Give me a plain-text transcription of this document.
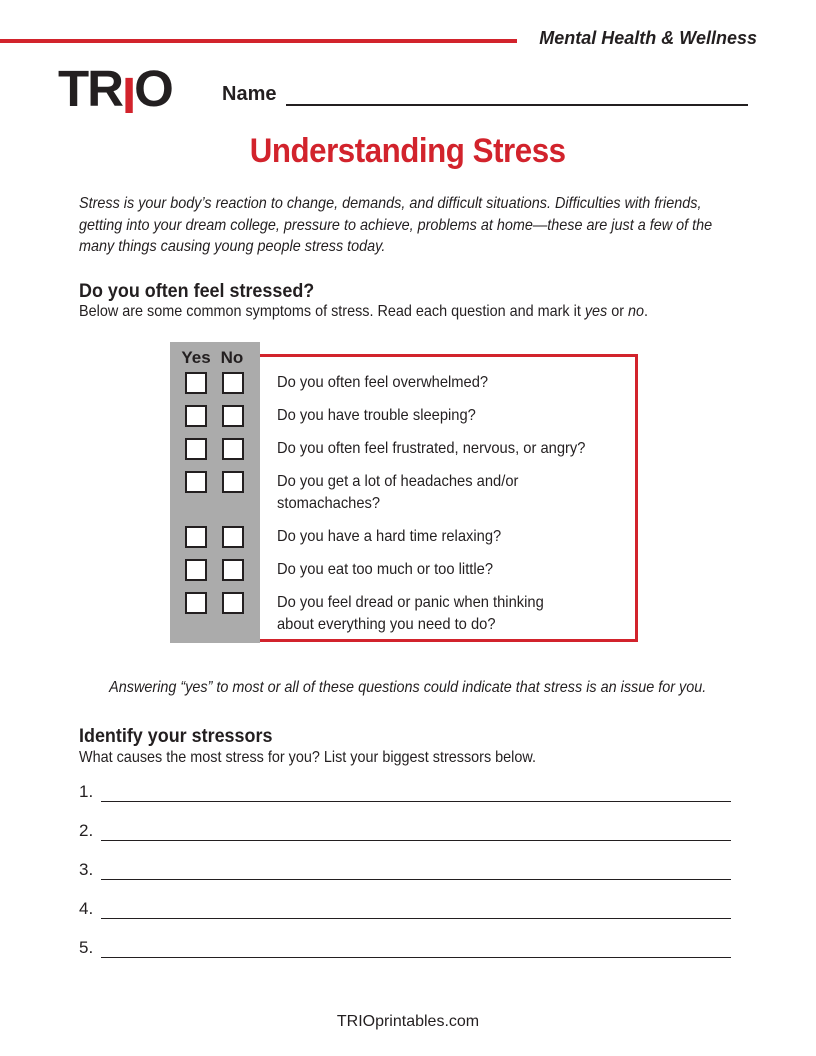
Mental Health & Wellness
TRIO	Name
Understanding Stress
Stress is your body’s reaction to change, demands, and difficult situations. Difficulties with friends,
getting into your dream college, pressure to achieve, problems at home—these are just a few of the
many things causing young people stress today.
Do you often feel stressed?
Below are some common symptoms of stress. Read each question and mark it yes or no.
Yes No
Do you often feel overwhelmed?
Do you have trouble sleeping?
Do you often feel frustrated, nervous, or angry?
Do you get a lot of headaches and/or
stomachaches?
Do you have a hard time relaxing?
Do you eat too much or too little?
Do you feel dread or panic when thinking
about everything you need to do?
Answering “yes” to most or all of these questions could indicate that stress is an issue for you.
Identify your stressors
What causes the most stress for you? List your biggest stressors below.
1.
2.
3.
4.
5.
TRIOprintables.com
